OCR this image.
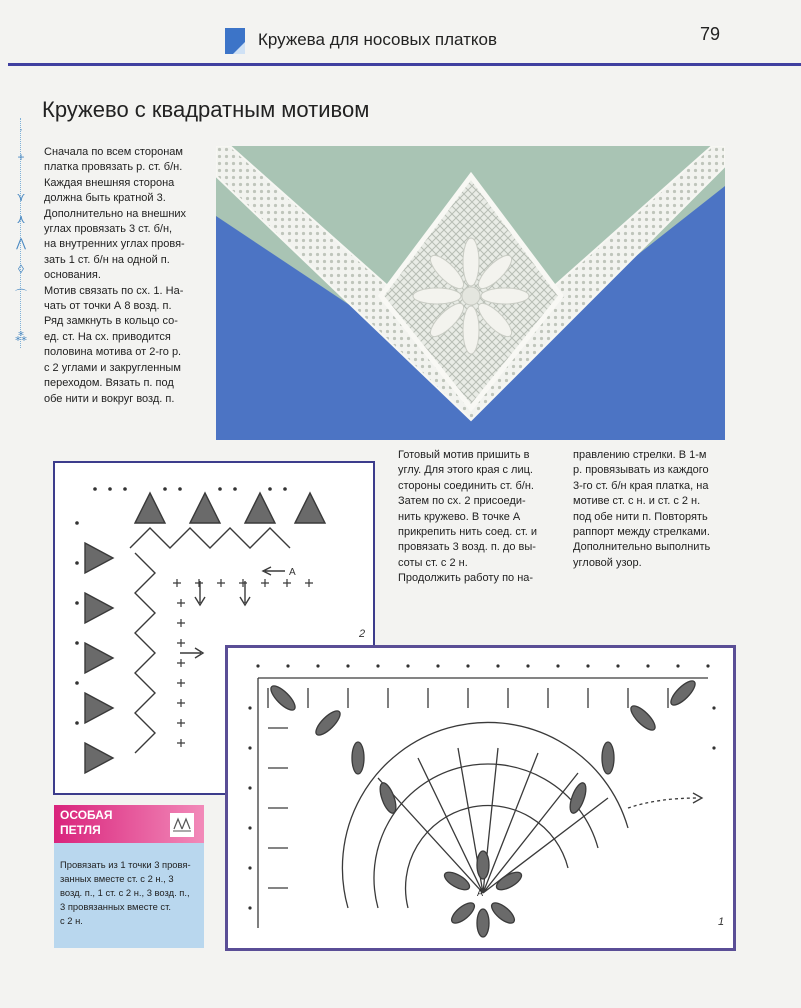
Кружева для носовых платков	79
·
+
⋎
⋏
⋀
◊
⌒
⁂
Кружево с квадратным мотивом
Сначала по всем сторонам
платка провязать р. ст. б/н.
Каждая внешняя сторона
должна быть кратной 3.
Дополнительно на внешних
углах провязать 3 ст. б/н,
на внутренних углах провя-
зать 1 ст. б/н на одной п.
основания.
Мотив связать по сх. 1. На-
чать от точки А 8 возд. п.
Ряд замкнуть в кольцо со-
ед. ст. На сх. приводится
половина мотива от 2-го р.
с 2 углами и закругленным
переходом. Вязать п. под
обе нити и вокруг возд. п.
А
2
Готовый мотив пришить в
углу. Для этого края с лиц.
стороны соединить ст. б/н.
Затем по сх. 2 присоеди-
нить кружево. В точке А
прикрепить нить соед. ст. и
провязать 3 возд. п. до вы-
соты ст. с 2 н.
Продолжить работу по на-
правлению стрелки. В 1-м
р. провязывать из каждого
3-го ст. б/н края платка, на
мотиве ст. с н. и ст. с 2 н.
под обе нити п. Повторять
раппорт между стрелками.
Дополнительно выполнить
угловой узор.
А
1
ОСОБАЯ
ПЕТЛЯ
Провязать из 1 точки 3 провя-
занных вместе ст. с 2 н., 3
возд. п., 1 ст. с 2 н., 3 возд. п.,
3 провязанных вместе ст.
с 2 н.
